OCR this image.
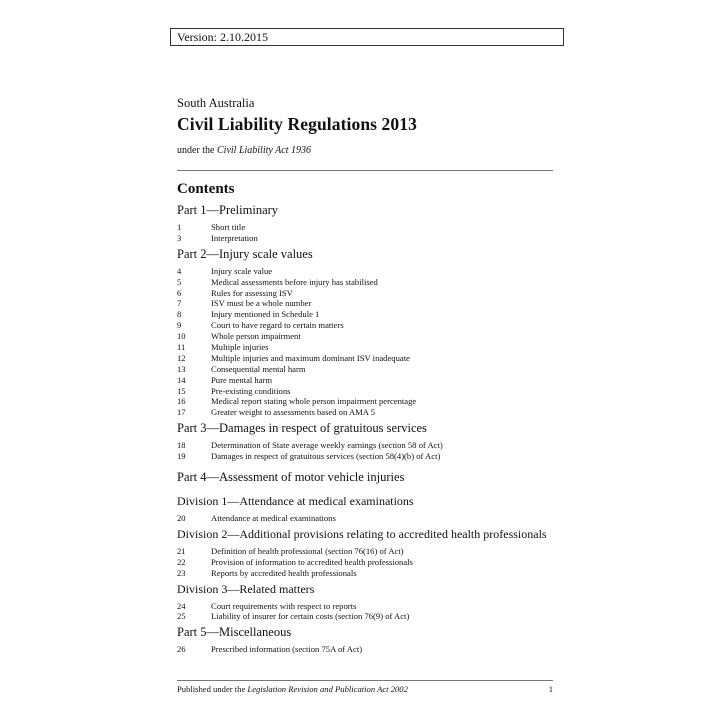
Version: 2.10.2015
South Australia
Civil Liability Regulations 2013
under the Civil Liability Act 1936
Contents
Part 1—Preliminary
1	Short title
3	Interpretation
Part 2—Injury scale values
4	Injury scale value
5	Medical assessments before injury has stabilised
6	Rules for assessing ISV
7	ISV must be a whole number
8	Injury mentioned in Schedule 1
9	Court to have regard to certain matters
10	Whole person impairment
11	Multiple injuries
12	Multiple injuries and maximum dominant ISV inadequate
13	Consequential mental harm
14	Pure mental harm
15	Pre-existing conditions
16	Medical report stating whole person impairment percentage
17	Greater weight to assessments based on AMA 5
Part 3—Damages in respect of gratuitous services
18	Determination of State average weekly earnings (section 58 of Act)
19	Damages in respect of gratuitous services (section 58(4)(b) of Act)
Part 4—Assessment of motor vehicle injuries
Division 1—Attendance at medical examinations
20	Attendance at medical examinations
Division 2—Additional provisions relating to accredited health professionals
21	Definition of health professional (section 76(16) of Act)
22	Provision of information to accredited health professionals
23	Reports by accredited health professionals
Division 3—Related matters
24	Court requirements with respect to reports
25	Liability of insurer for certain costs (section 76(9) of Act)
Part 5—Miscellaneous
26	Prescribed information (section 75A of Act)
Published under the Legislation Revision and Publication Act 2002	1
